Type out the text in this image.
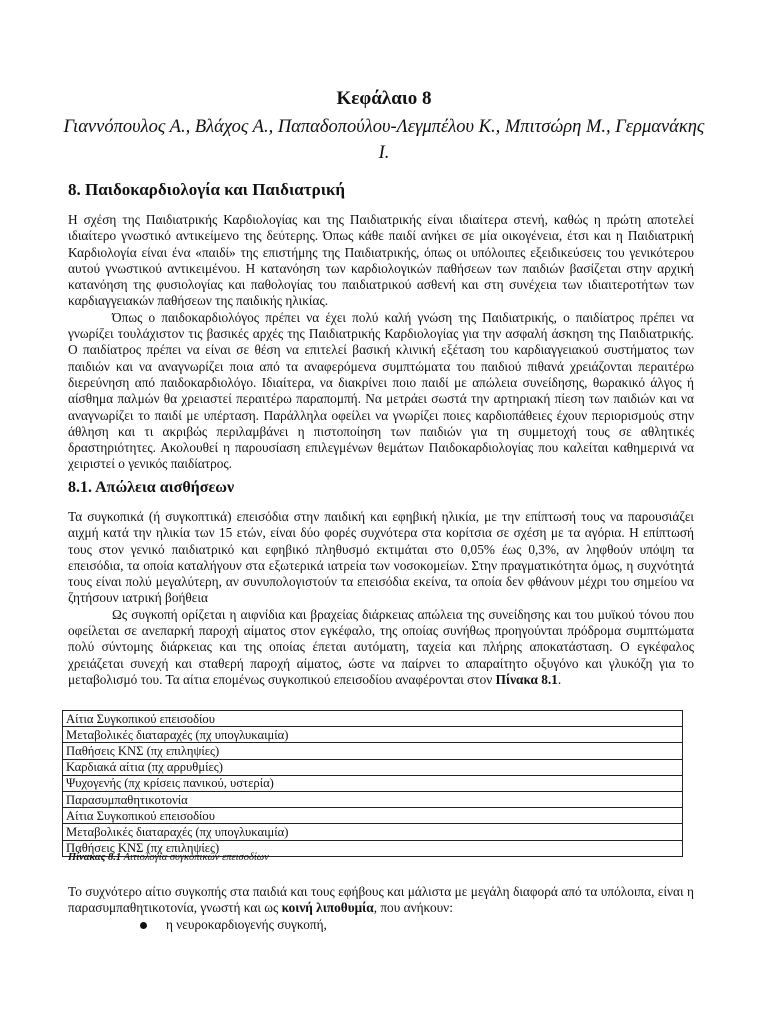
Κεφάλαιο 8
Γιαννόπουλος Α., Βλάχος Α., Παπαδοπούλου-Λεγμπέλου Κ., Μπιτσώρη Μ., Γερμανάκης Ι.
8. Παιδοκαρδιολογία και Παιδιατρική
Η σχέση της Παιδιατρικής Καρδιολογίας και της Παιδιατρικής είναι ιδιαίτερα στενή, καθώς η πρώτη αποτελεί ιδιαίτερο γνωστικό αντικείμενο της δεύτερης. Όπως κάθε παιδί ανήκει σε μία οικογένεια, έτσι και η Παιδιατρική Καρδιολογία είναι ένα «παιδί» της επιστήμης της Παιδιατρικής, όπως οι υπόλοιπες εξειδικεύσεις του γενικότερου αυτού γνωστικού αντικειμένου. Η κατανόηση των καρδιολογικών παθήσεων των παιδιών βασίζεται στην αρχική κατανόηση της φυσιολογίας και παθολογίας του παιδιατρικού ασθενή και στη συνέχεια των ιδιαιτεροτήτων των καρδιαγγειακών παθήσεων της παιδικής ηλικίας.
Όπως ο παιδοκαρδιολόγος πρέπει να έχει πολύ καλή γνώση της Παιδιατρικής, ο παιδίατρος πρέπει να γνωρίζει τουλάχιστον τις βασικές αρχές της Παιδιατρικής Καρδιολογίας για την ασφαλή άσκηση της Παιδιατρικής. Ο παιδίατρος πρέπει να είναι σε θέση να επιτελεί βασική κλινική εξέταση του καρδιαγγειακού συστήματος των παιδιών και να αναγνωρίζει ποια από τα αναφερόμενα συμπτώματα του παιδιού πιθανά χρειάζονται περαιτέρω διερεύνηση από παιδοκαρδιολόγο. Ιδιαίτερα, να διακρίνει ποιο παιδί με απώλεια συνείδησης, θωρακικό άλγος ή αίσθημα παλμών θα χρειαστεί περαιτέρω παραπομπή. Να μετράει σωστά την αρτηριακή πίεση των παιδιών και να αναγνωρίζει το παιδί με υπέρταση. Παράλληλα οφείλει να γνωρίζει ποιες καρδιοπάθειες έχουν περιορισμούς στην άθληση και τι ακριβώς περιλαμβάνει η πιστοποίηση των παιδιών για τη συμμετοχή τους σε αθλητικές δραστηριότητες. Ακολουθεί η παρουσίαση επιλεγμένων θεμάτων Παιδοκαρδιολογίας που καλείται καθημερινά να χειριστεί ο γενικός παιδίατρος.
8.1. Απώλεια αισθήσεων
Τα συγκοπικά (ή συγκοπτικά) επεισόδια στην παιδική και εφηβική ηλικία, με την επίπτωσή τους να παρουσιάζει αιχμή κατά την ηλικία των 15 ετών, είναι δύο φορές συχνότερα στα κορίτσια σε σχέση με τα αγόρια. Η επίπτωσή τους στον γενικό παιδιατρικό και εφηβικό πληθυσμό εκτιμάται στο 0,05% έως 0,3%, αν ληφθούν υπόψη τα επεισόδια, τα οποία καταλήγουν στα εξωτερικά ιατρεία των νοσοκομείων. Στην πραγματικότητα όμως, η συχνότητά τους είναι πολύ μεγαλύτερη, αν συνυπολογιστούν τα επεισόδια εκείνα, τα οποία δεν φθάνουν μέχρι του σημείου να ζητήσουν ιατρική βοήθεια
Ως συγκοπή ορίζεται η αιφνίδια και βραχείας διάρκειας απώλεια της συνείδησης και του μυϊκού τόνου που οφείλεται σε ανεπαρκή παροχή αίματος στον εγκέφαλο, της οποίας συνήθως προηγούνται πρόδρομα συμπτώματα πολύ σύντομης διάρκειας και της οποίας έπεται αυτόματη, ταχεία και πλήρης αποκατάσταση. Ο εγκέφαλος χρειάζεται συνεχή και σταθερή παροχή αίματος, ώστε να παίρνει το απαραίτητο οξυγόνο και γλυκόζη για το μεταβολισμό του. Τα αίτια επομένως συγκοπικού επεισοδίου αναφέρονται στον Πίνακα 8.1.
Αίτια Συγκοπικού επεισοδίου
Μεταβολικές διαταραχές (πχ υπογλυκαιμία)
Παθήσεις ΚΝΣ (πχ επιληψίες)
Καρδιακά αίτια (πχ αρρυθμίες)
Ψυχογενής (πχ κρίσεις πανικού, υστερία)
Παρασυμπαθητικοτονία
Αίτια Συγκοπικού επεισοδίου
Μεταβολικές διαταραχές (πχ υπογλυκαιμία)
Παθήσεις ΚΝΣ (πχ επιληψίες)
Πίνακας 8.1 Αιτιολογία συγκοπικών επεισοδίων
Το συχνότερο αίτιο συγκοπής στα παιδιά και τους εφήβους και μάλιστα με μεγάλη διαφορά από τα υπόλοιπα, είναι η παρασυμπαθητικοτονία, γνωστή και ως κοινή λιποθυμία, που ανήκουν:
η νευροκαρδιογενής συγκοπή,
